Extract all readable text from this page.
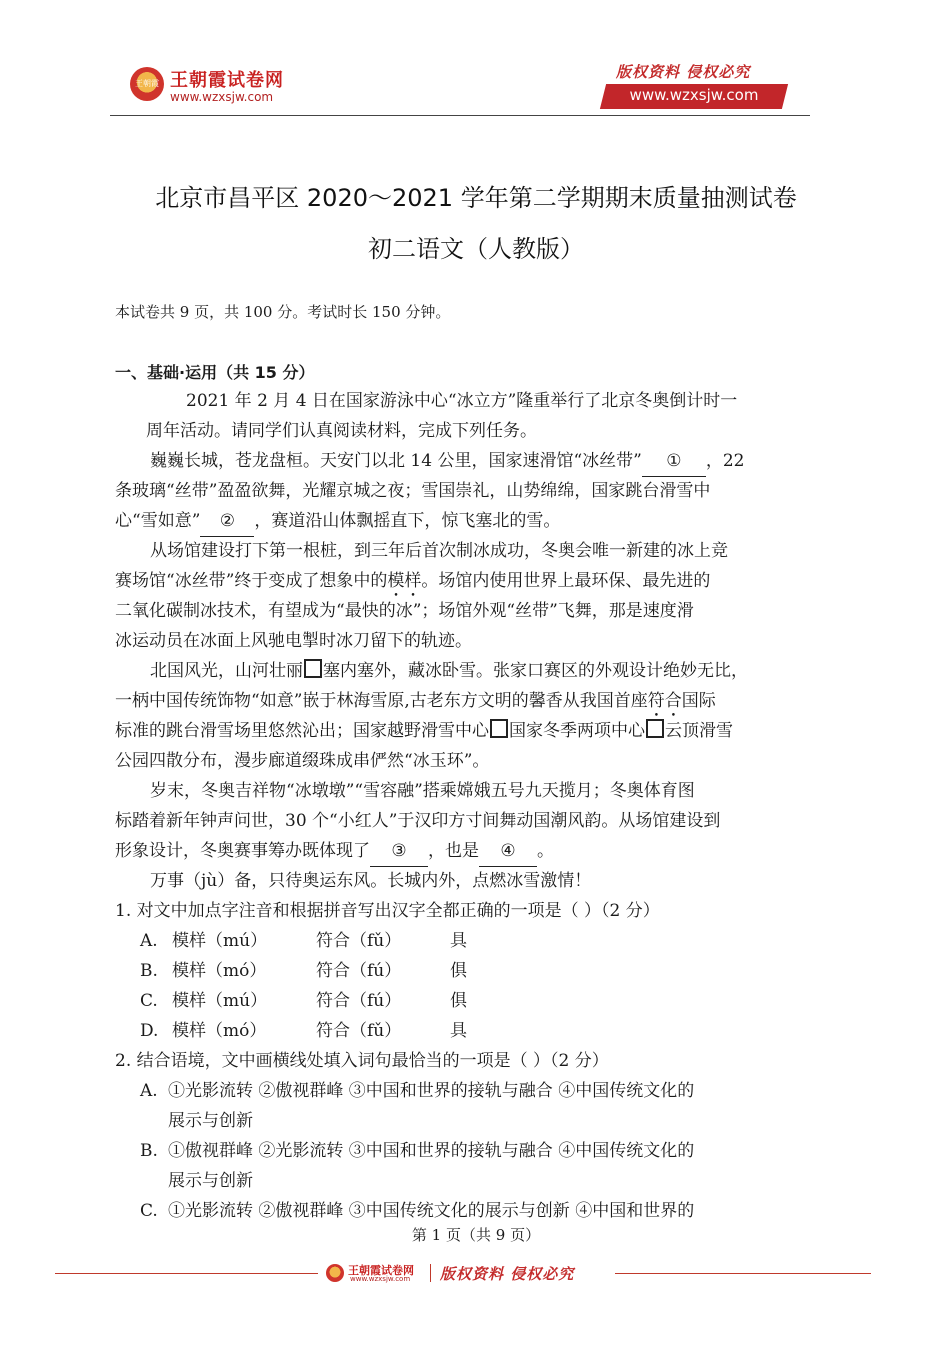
王朝霞 王朝霞试卷网
www.wzxsjw.com
版权资料 侵权必究
www.wzxsjw.com
北京市昌平区 2020～2021 学年第二学期期末质量抽测试卷
初二语文（人教版）
本试卷共 9 页，共 100 分。考试时长 150 分钟。
一、基础·运用（共 15 分）
2021 年 2 月 4 日在国家游泳中心“冰立方”隆重举行了北京冬奥倒计时一
周年活动。请同学们认真阅读材料，完成下列任务。
巍巍长城，苍龙盘桓。天安门以北 14 公里，国家速滑馆“冰丝带” ① ，22
条玻璃“丝带”盈盈欲舞，光耀京城之夜；雪国崇礼，山势绵绵，国家跳台滑雪中
心“雪如意” ② ，赛道沿山体飘摇直下，惊飞塞北的雪。
从场馆建设打下第一根桩，到三年后首次制冰成功，冬奥会唯一新建的冰上竞
赛场馆“冰丝带”终于变成了想象中的模样。场馆内使用世界上最环保、最先进的
二氧化碳制冰技术，有望成为“最快的冰”；场馆外观“丝带”飞舞，那是速度滑
冰运动员在冰面上风驰电掣时冰刀留下的轨迹。
北国风光，山河壮丽 塞内塞外，藏冰卧雪。张家口赛区的外观设计绝妙无比，
一柄中国传统饰物“如意”嵌于林海雪原,古老东方文明的馨香从我国首座符合国际
标准的跳台滑雪场里悠然沁出；国家越野滑雪中心 国家冬季两项中心 云顶滑雪
公园四散分布，漫步廊道缀珠成串俨然“冰玉环”。
岁末，冬奥吉祥物“冰墩墩”“雪容融”搭乘嫦娥五号九天揽月；冬奥体育图
标踏着新年钟声问世，30 个“小红人”于汉印方寸间舞动国潮风韵。从场馆建设到
形象设计，冬奥赛事筹办既体现了 ③ ，也是 ④ 。
万事（jù）备，只待奥运东风。长城内外，点燃冰雪激情！
1. 对文中加点字注音和根据拼音写出汉字全都正确的一项是（ ）（2 分）
A. 模样（mú）	符合（fǔ）	具
B. 模样（mó）	符合（fú）	俱
C. 模样（mú）	符合（fú）	俱
D. 模样（mó）	符合（fǔ）	具
2. 结合语境，文中画横线处填入词句最恰当的一项是（ ）（2 分）
A. ①光影流转 ②傲视群峰 ③中国和世界的接轨与融合 ④中国传统文化的
展示与创新
B. ①傲视群峰 ②光影流转 ③中国和世界的接轨与融合 ④中国传统文化的
展示与创新
C. ①光影流转 ②傲视群峰 ③中国传统文化的展示与创新 ④中国和世界的
第 1 页（共 9 页）
王朝霞试卷网
www.wzxsjw.com 版权资料 侵权必究
